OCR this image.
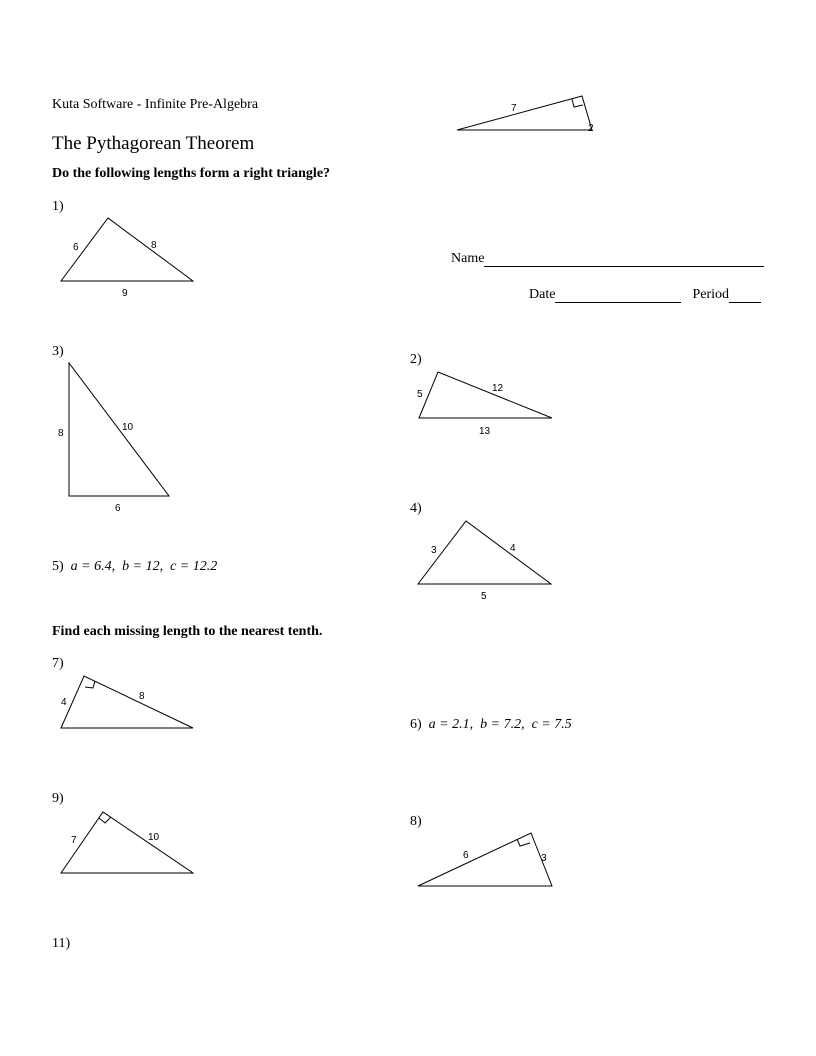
Kuta Software - Infinite Pre-Algebra
The Pythagorean Theorem
7
2
Name
Date	Period
Do the following lengths form a right triangle?
1)
2)
3)
4)
5) a = 6.4, b = 12, c = 12.2
6) a = 2.1, b = 7.2, c = 7.5
Find each missing length to the nearest tenth.
7)
9)
8)
11)
6	8
9
5
12
13
8
10
6
3	4
5
4
8
7	10
6	3
